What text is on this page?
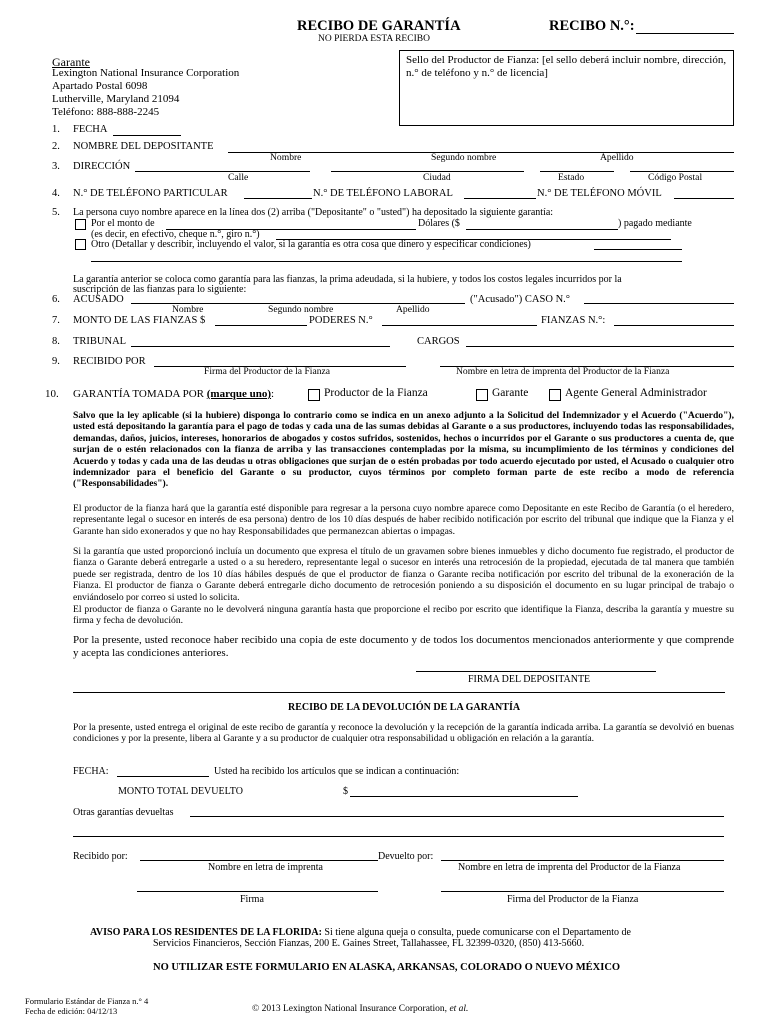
RECIBO DE GARANTÍA	RECIBO N.°:
NO PIERDA ESTA RECIBO
Garante
Lexington National Insurance Corporation
Apartado Postal 6098
Lutherville, Maryland 21094
Teléfono: 888-888-2245
Sello del Productor de Fianza: [el sello deberá incluir nombre, dirección, n.° de teléfono y n.° de licencia]
1. FECHA
2. NOMBRE DEL DEPOSITANTE
Nombre	Segundo nombre	Apellido
3. DIRECCIÓN
Calle	Ciudad	Estado	Código Postal
4. N.° DE TELÉFONO PARTICULAR	N.° DE TELÉFONO LABORAL	N.° DE TELÉFONO MÓVIL
5. La persona cuyo nombre aparece en la línea dos (2) arriba ("Depositante" o "usted") ha depositado la siguiente garantía:
Por el monto de	Dólares ($	) pagado mediante
(es decir, en efectivo, cheque n.°, giro n.°)
Otro (Detallar y describir, incluyendo el valor, si la garantía es otra cosa que dinero y especificar condiciones)
La garantía anterior se coloca como garantía para las fianzas, la prima adeudada, si la hubiere, y todos los costos legales incurridos por la
suscripción de las fianzas para lo siguiente:
6. ACUSADO	("Acusado") CASO N.°
Nombre	Segundo nombre	Apellido
7. MONTO DE LAS FIANZAS $	PODERES N.°	FIANZAS N.°:
8. TRIBUNAL	CARGOS
9. RECIBIDO POR
Firma del Productor de la Fianza	Nombre en letra de imprenta del Productor de la Fianza
10. GARANTÍA TOMADA POR (marque uno):	Productor de la Fianza	Garante	Agente General Administrador
Salvo que la ley aplicable (si la hubiere) disponga lo contrario como se indica en un anexo adjunto a la Solicitud del Indemnizador y el Acuerdo ("Acuerdo"), usted está depositando la garantía para el pago de todas y cada una de las sumas debidas al Garante o a sus productores, incluyendo todas las responsabilidades, demandas, daños, juicios, intereses, honorarios de abogados y costos sufridos, sostenidos, hechos o incurridos por el Garante o sus productores a cuenta de, que surjan de o estén relacionados con la fianza de arriba y las transacciones contempladas por la misma, su incumplimiento de los términos y condiciones del Acuerdo y todas y cada una de las deudas u otras obligaciones que surjan de o estén probadas por todo acuerdo ejecutado por usted, el Acusado o cualquier otro indemnizador para el beneficio del Garante o su productor, cuyos términos por completo forman parte de este recibo a modo de referencia ("Responsabilidades").
El productor de la fianza hará que la garantía esté disponible para regresar a la persona cuyo nombre aparece como Depositante en este Recibo de Garantía (o el heredero, representante legal o sucesor en interés de esa persona) dentro de los 10 días después de haber recibido notificación por escrito del tribunal que indique que la Fianza y el Garante han sido exonerados y que no hay Responsabilidades que permanezcan abiertas o impagas.
Si la garantía que usted proporcionó incluía un documento que expresa el título de un gravamen sobre bienes inmuebles y dicho documento fue registrado, el productor de fianza o Garante deberá entregarle a usted o a su heredero, representante legal o sucesor en interés una retrocesión de la propiedad, ejecutada de tal manera que también puede ser registrada, dentro de los 10 días hábiles después de que el productor de fianza o Garante reciba notificación por escrito del tribunal de la exoneración de la Fianza. El productor de fianza o Garante deberá entregarle dicho documento de retrocesión poniendo a su disposición el documento en su lugar principal de trabajo o enviándoselo por correo si usted lo solicita.
El productor de fianza o Garante no le devolverá ninguna garantía hasta que proporcione el recibo por escrito que identifique la Fianza, describa la garantía y muestre su firma y fecha de devolución.
Por la presente, usted reconoce haber recibido una copia de este documento y de todos los documentos mencionados anteriormente y que comprende y acepta las condiciones anteriores.
FIRMA DEL DEPOSITANTE
RECIBO DE LA DEVOLUCIÓN DE LA GARANTÍA
Por la presente, usted entrega el original de este recibo de garantía y reconoce la devolución y la recepción de la garantía indicada arriba. La garantía se devolvió en buenas condiciones y por la presente, libera al Garante y a su productor de cualquier otra responsabilidad u obligación en relación a la garantía.
FECHA:	Usted ha recibido los artículos que se indican a continuación:
MONTO TOTAL DEVUELTO	$
Otras garantías devueltas
Recibido por:	Devuelto por:
Nombre en letra de imprenta	Nombre en letra de imprenta del Productor de la Fianza
Firma	Firma del Productor de la Fianza
AVISO PARA LOS RESIDENTES DE LA FLORIDA: Si tiene alguna queja o consulta, puede comunicarse con el Departamento de
Servicios Financieros, Sección Fianzas, 200 E. Gaines Street, Tallahassee, FL 32399-0320, (850) 413-5660.
NO UTILIZAR ESTE FORMULARIO EN ALASKA, ARKANSAS, COLORADO O NUEVO MÉXICO
Formulario Estándar de Fianza n.° 4
Fecha de edición: 04/12/13	© 2013 Lexington National Insurance Corporation, et al.
